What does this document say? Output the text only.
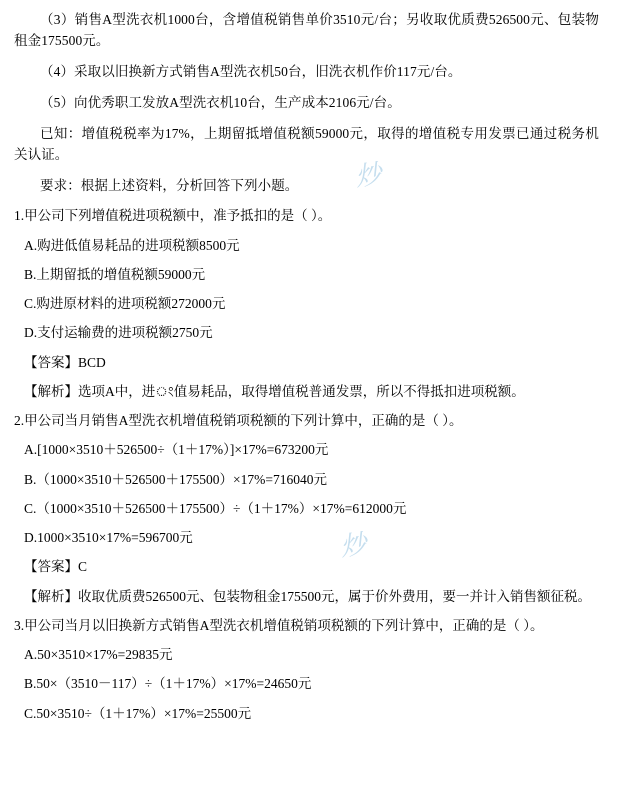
（3）销售A型洗衣机1000台，含增值税销售单价3510元/台；另收取优质费526500元、包装物租金175500元。

（4）采取以旧换新方式销售A型洗衣机50台，旧洗衣机作价117元/台。

（5）向优秀职工发放A型洗衣机10台，生产成本2106元/台。

已知：增值税税率为17%，上期留抵增值税额59000元，取得的增值税专用发票已通过税务机关认证。

要求：根据上述资料，分析回答下列小题。

1.甲公司下列增值税进项税额中，准予抵扣的是（ ）。

A.购进低值易耗品的进项税额8500元

B.上期留抵的增值税额59000元

C.购进原材料的进项税额272000元

D.支付运输费的进项税额2750元

【答案】BCD

【解析】选项A中，进ং值易耗品，取得增值税普通发票，所以不得抵扣进项税额。

2.甲公司当月销售A型洗衣机增值税销项税额的下列计算中，正确的是（ ）。

A.[1000×3510＋526500÷（1＋17%）]×17%=673200元

B.（1000×3510＋526500＋175500）×17%=716040元

C.（1000×3510＋526500＋175500）÷（1＋17%）×17%=612000元

D.1000×3510×17%=596700元

【答案】C

【解析】收取优质费526500元、包装物租金175500元，属于价外费用，要一并计入销售额征税。

3.甲公司当月以旧换新方式销售A型洗衣机增值税销项税额的下列计算中，正确的是（ ）。

A.50×3510×17%=29835元

B.50×（3510－117）÷（1＋17%）×17%=24650元

C.50×3510÷（1＋17%）×17%=25500元

炒
炒
